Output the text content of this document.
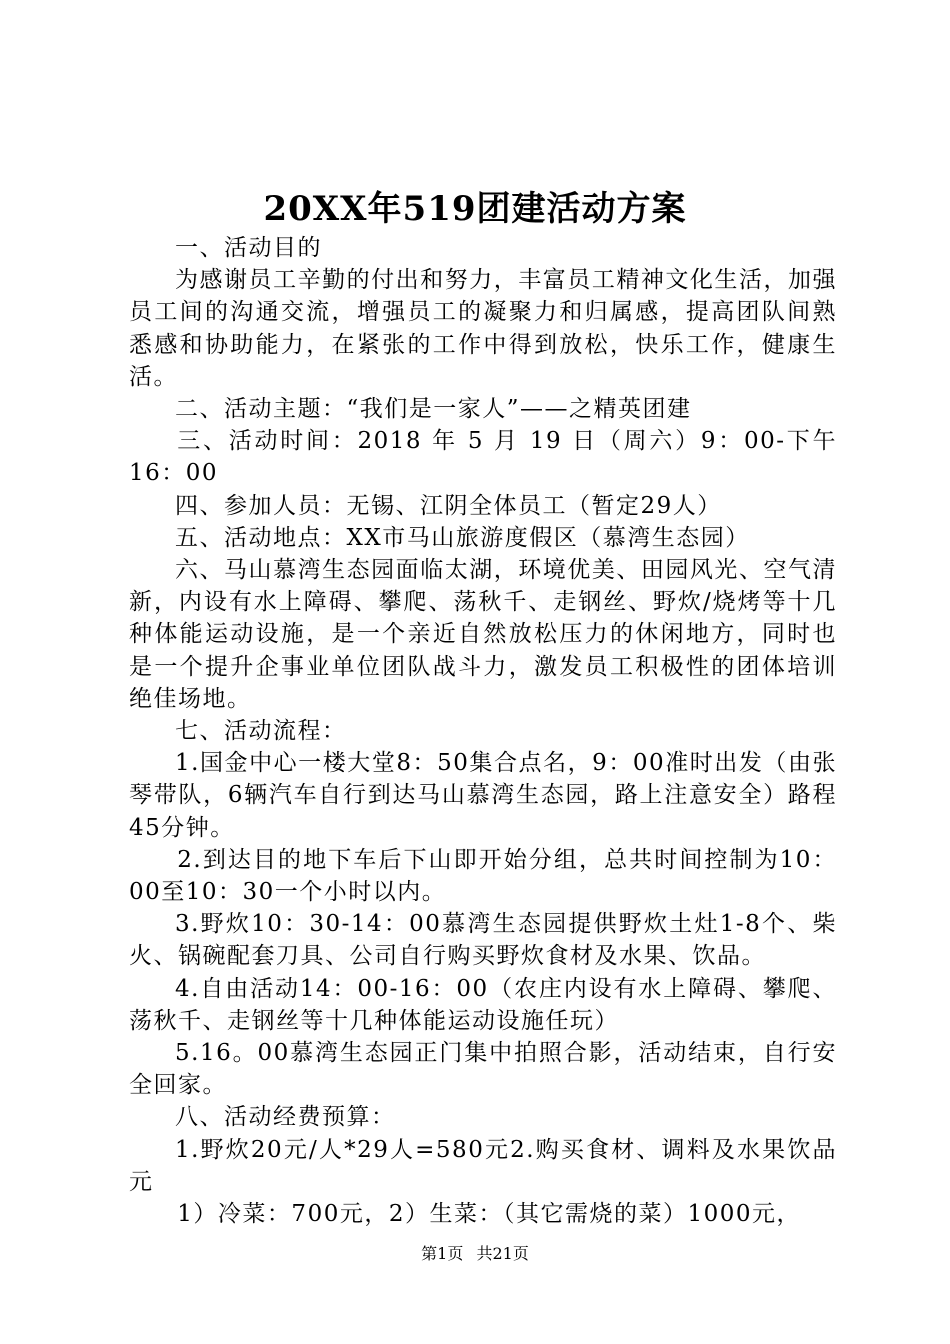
20XX年519团建活动方案

一、活动目的

为感谢员工辛勤的付出和努力，丰富员工精神文化生活，加强员工间的沟通交流，增强员工的凝聚力和归属感，提高团队间熟悉感和协助能力，在紧张的工作中得到放松，快乐工作，健康生活。

二、活动主题：“我们是一家人”——之精英团建

三、活动时间：2018 年 5 月 19 日（周六）9：00-下午 16：00

四、参加人员：无锡、江阴全体员工（暂定29人）

五、活动地点：XX市马山旅游度假区（慕湾生态园）

六、马山慕湾生态园面临太湖，环境优美、田园风光、空气清新，内设有水上障碍、攀爬、荡秋千、走钢丝、野炊/烧烤等十几种体能运动设施，是一个亲近自然放松压力的休闲地方，同时也是一个提升企事业单位团队战斗力，激发员工积极性的团体培训绝佳场地。

七、活动流程：

1.国金中心一楼大堂8：50集合点名，9：00准时出发（由张琴带队，6辆汽车自行到达马山慕湾生态园，路上注意安全）路程45分钟。

2.到达目的地下车后下山即开始分组，总共时间控制为10：00至10：30一个小时以内。

3.野炊10：30-14：00慕湾生态园提供野炊土灶1-8个、柴火、锅碗配套刀具、公司自行购买野炊食材及水果、饮品。

4.自由活动14：00-16：00（农庄内设有水上障碍、攀爬、荡秋千、走钢丝等十几种体能运动设施任玩）

5.16。00慕湾生态园正门集中拍照合影，活动结束，自行安全回家。

八、活动经费预算：

1.野炊20元/人*29人=580元2.购买食材、调料及水果饮品元

1）冷菜：700元，2）生菜：（其它需烧的菜）1000元，

第1页 共21页
